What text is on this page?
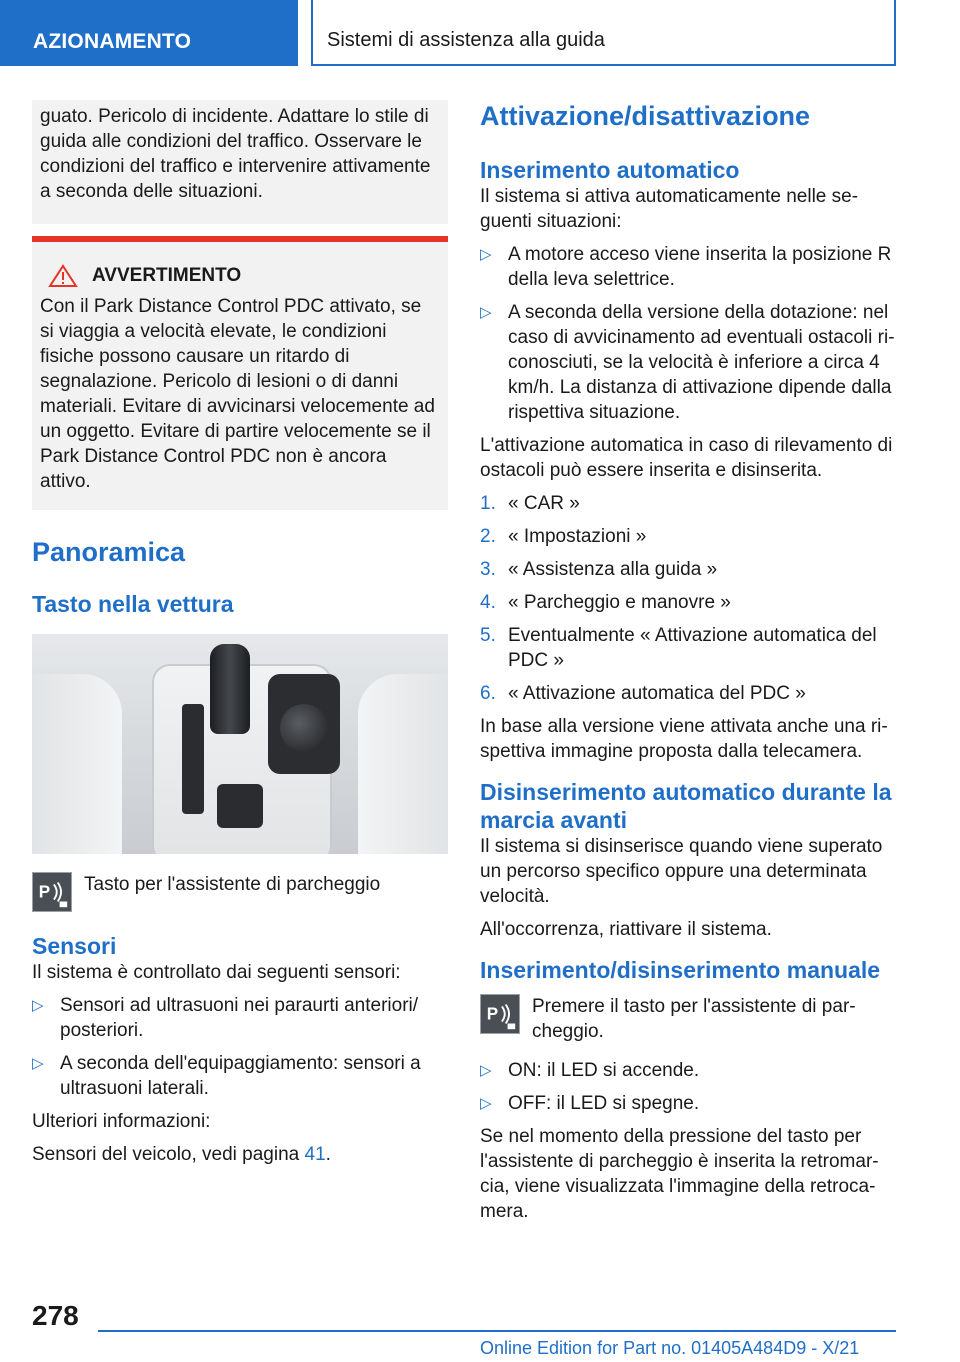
AZIONAMENTO	Sistemi di assistenza alla guida

guato. Pericolo di incidente. Adattare lo stile di guida alle condizioni del traffico. Osservare le condizioni del traffico e intervenire attivamente a seconda delle situazioni.

AVVERTIMENTO

Con il Park Distance Control PDC attivato, se si viaggia a velocità elevate, le condizioni fisiche possono causare un ritardo di segnalazione. Pericolo di lesioni o di danni materiali. Evitare di avvicinarsi velocemente ad un oggetto. Evitare di partire velocemente se il Park Distance Control PDC non è ancora attivo.

Panoramica
Tasto nella vettura
P Tasto per l'assistente di parcheggio

Sensori

Il sistema è controllato dai seguenti sensori:

▷ Sensori ad ultrasuoni nei paraurti anteriori/ posteriori.
▷ A seconda dell'equipaggiamento: sensori a ultrasuoni laterali.

Ulteriori informazioni:

Sensori del veicolo, vedi pagina 41.

Attivazione/disattivazione
Inserimento automatico

Il sistema si attiva automaticamente nelle se- guenti situazioni:

▷ A motore acceso viene inserita la posizione R della leva selettrice.
▷ A seconda della versione della dotazione: nel caso di avvicinamento ad eventuali ostacoli ri- conosciuti, se la velocità è inferiore a circa 4 km/h. La distanza di attivazione dipende dalla rispettiva situazione.

L'attivazione automatica in caso di rilevamento di ostacoli può essere inserita e disinserita.

1. « CAR »
2. « Impostazioni »
3. « Assistenza alla guida »
4. « Parcheggio e manovre »
5. Eventualmente « Attivazione automatica del PDC »
6. « Attivazione automatica del PDC »

In base alla versione viene attivata anche una ri- spettiva immagine proposta dalla telecamera.

Disinserimento automatico durante la marcia avanti

Il sistema si disinserisce quando viene superato un percorso specifico oppure una determinata velocità.

All'occorrenza, riattivare il sistema.

Inserimento/disinserimento manuale
P Premere il tasto per l'assistente di par- cheggio.

▷ ON: il LED si accende.
▷ OFF: il LED si spegne.

Se nel momento della pressione del tasto per l'assistente di parcheggio è inserita la retromar- cia, viene visualizzata l'immagine della retroca- mera.

278
Online Edition for Part no. 01405A484D9 - X/21
